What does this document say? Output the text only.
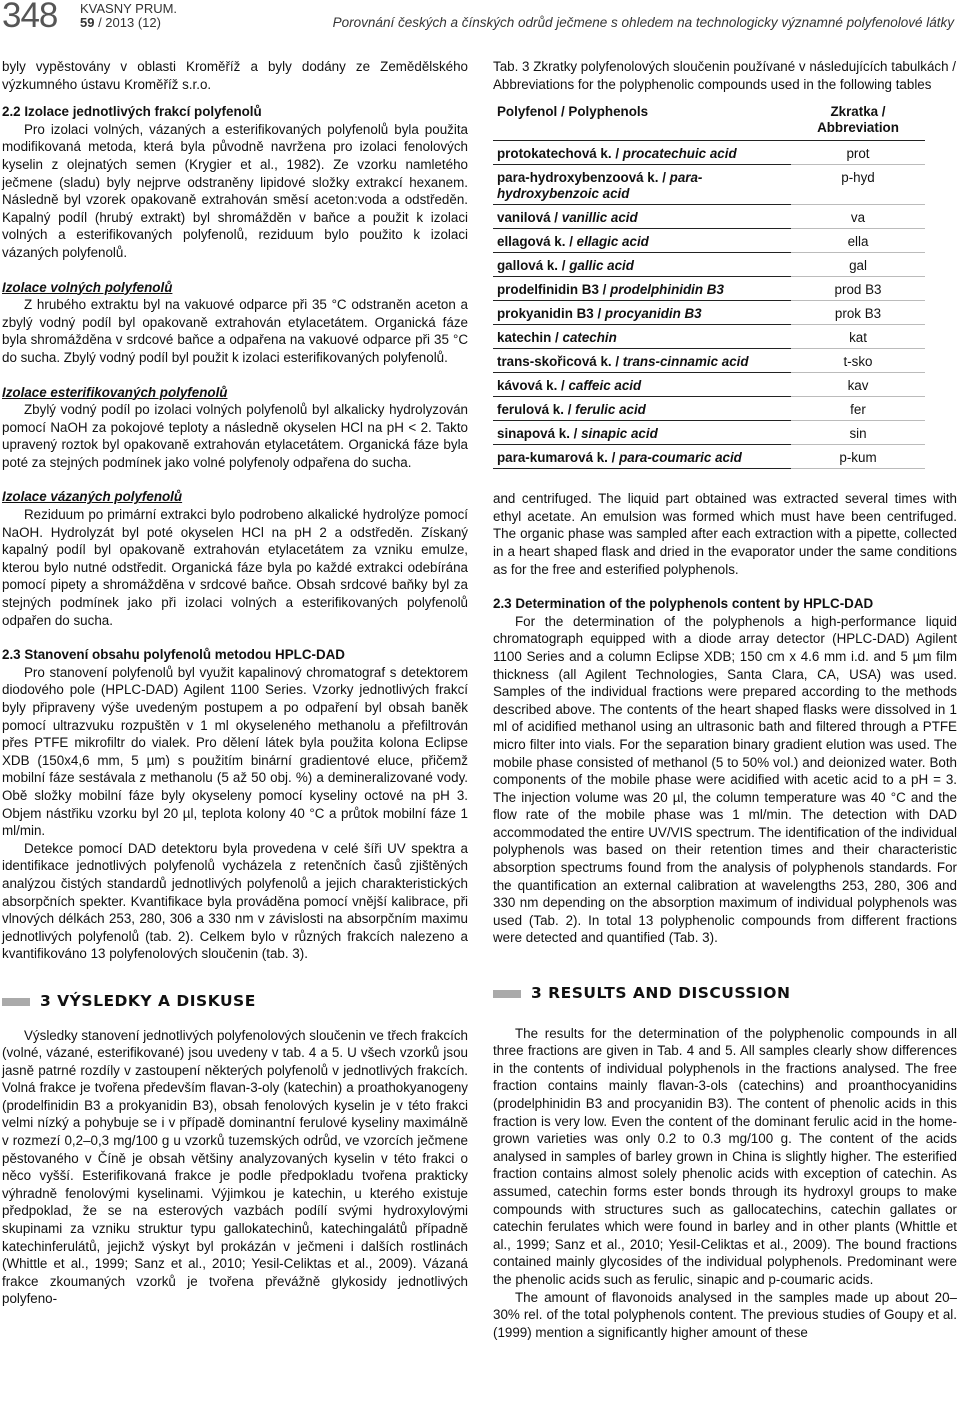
348 KVASNY PRUM.
59 / 2013 (12)	Porovnání českých a čínských odrůd ječmene s ohledem na technologicky významné polyfenolové látky

byly vypěstovány v oblasti Kroměříž a byly dodány ze Zemědělského výzkumného ústavu Kroměříž s.r.o.

2.2 Izolace jednotlivých frakcí polyfenolů

Pro izolaci volných, vázaných a esterifikovaných polyfenolů byla použita modifikovaná metoda, která byla původně navržena pro izolaci fenolových kyselin z olejnatých semen (Krygier et al., 1982). Ze vzorku namletého ječmene (sladu) byly nejprve odstraněny lipidové složky extrakcí hexanem. Následně byl vzorek opakovaně extrahován směsí aceton:voda a odstředěn. Kapalný podíl (hrubý extrakt) byl shromážděn v baňce a použit k izolaci volných a esterifikovaných polyfenolů, reziduum bylo použito k izolaci vázaných polyfenolů.

Izolace volných polyfenolů

Z hrubého extraktu byl na vakuové odparce při 35 °C odstraněn aceton a zbylý vodný podíl byl opakovaně extrahován etylacetátem. Organická fáze byla shromážděna v srdcové baňce a odpařena na vakuové odparce při 35 °C do sucha. Zbylý vodný podíl byl použit k izolaci esterifikovaných polyfenolů.

Izolace esterifikovaných polyfenolů

Zbylý vodný podíl po izolaci volných polyfenolů byl alkalicky hydrolyzován pomocí NaOH za pokojové teploty a následně okyselen HCl na pH < 2. Takto upravený roztok byl opakovaně extrahován etylacetátem. Organická fáze byla poté za stejných podmínek jako volné polyfenoly odpařena do sucha.

Izolace vázaných polyfenolů

Reziduum po primární extrakci bylo podrobeno alkalické hydrolýze pomocí NaOH. Hydrolyzát byl poté okyselen HCl na pH 2 a odstředěn. Získaný kapalný podíl byl opakovaně extrahován etylacetátem za vzniku emulze, kterou bylo nutné odstředit. Organická fáze byla po každé extrakci odebírána pomocí pipety a shromážděna v srdcové baňce. Obsah srdcové baňky byl za stejných podmínek jako při izolaci volných a esterifikovaných polyfenolů odpařen do sucha.

2.3 Stanovení obsahu polyfenolů metodou HPLC-DAD

Pro stanovení polyfenolů byl využit kapalinový chromatograf s detektorem diodového pole (HPLC-DAD) Agilent 1100 Series. Vzorky jednotlivých frakcí byly připraveny výše uvedeným postupem a po odpaření byl obsah baněk pomocí ultrazvuku rozpuštěn v 1 ml okyseleného methanolu a přefiltrován přes PTFE mikrofiltr do vialek. Pro dělení látek byla použita kolona Eclipse XDB (150x4,6 mm, 5 µm) s použitím binární gradientové eluce, přičemž mobilní fáze sestávala z methanolu (5 až 50 obj. %) a demineralizované vody. Obě složky mobilní fáze byly okyseleny pomocí kyseliny octové na pH 3. Objem nástřiku vzorku byl 20 µl, teplota kolony 40 °C a průtok mobilní fáze 1 ml/min.

Detekce pomocí DAD detektoru byla provedena v celé šíři UV spektra a identifikace jednotlivých polyfenolů vycházela z retenčních časů zjištěných analýzou čistých standardů jednotlivých polyfenolů a jejich charakteristických absorpčních spekter. Kvantifikace byla prováděna pomocí vnější kalibrace, při vlnových délkách 253, 280, 306 a 330 nm v závislosti na absorpčním maximu jednotlivých polyfenolů (tab. 2). Celkem bylo v různých frakcích nalezeno a kvantifikováno 13 polyfenolových sloučenin (tab. 3).

3 VÝSLEDKY A DISKUSE

Výsledky stanovení jednotlivých polyfenolových sloučenin ve třech frakcích (volné, vázané, esterifikované) jsou uvedeny v tab. 4 a 5. U všech vzorků jsou jasně patrné rozdíly v zastoupení některých polyfenolů v jednotlivých frakcích. Volná frakce je tvořena především flavan-3-oly (katechin) a proathokyanogeny (prodelfinidin B3 a prokyanidin B3), obsah fenolových kyselin je v této frakci velmi nízký a pohybuje se i v případě dominantní ferulové kyseliny maximálně v rozmezí 0,2–0,3 mg/100 g u vzorků tuzemských odrůd, ve vzorcích ječmene pěstovaného v Číně je obsah většiny analyzovaných kyselin v této frakci o něco vyšší. Esterifikovaná frakce je podle předpokladu tvořena prakticky výhradně fenolovými kyselinami. Výjimkou je katechin, u kterého existuje předpoklad, že se na esterových vazbách podílí svými hydroxylovými skupinami za vzniku struktur typu gallokatechinů, katechingalátů případně katechinferulátů, jejichž výskyt byl prokázán v ječmeni i dalších rostlinách (Whittle et al., 1999; Sanz et al., 2010; Yesil-Celiktas et al., 2009). Vázaná frakce zkoumaných vzorků je tvořena převážně glykosidy jednotlivých polyfeno-

Tab. 3 Zkratky polyfenolových sloučenin používané v následujících tabulkách / Abbreviations for the polyphenolic compounds used in the following tables

Polyfenol / Polyphenols	Zkratka / Abbreviation
protokatechová k. / procatechuic acid	prot
para-hydroxybenzoová k. / para-hydroxybenzoic acid	p-hyd
vanilová / vanillic acid	va
ellagová k. / ellagic acid	ella
gallová k. / gallic acid	gal
prodelfinidin B3 / prodelphinidin B3	prod B3
prokyanidin B3 / procyanidin B3	prok B3
katechin / catechin	kat
trans-skořicová k. / trans-cinnamic acid	t-sko
kávová k. / caffeic acid	kav
ferulová k. / ferulic acid	fer
sinapová k. / sinapic acid	sin
para-kumarová k. / para-coumaric acid	p-kum

and centrifuged. The liquid part obtained was extracted several times with ethyl acetate. An emulsion was formed which must have been centrifuged. The organic phase was sampled after each extraction with a pipette, collected in a heart shaped flask and dried in the evaporator under the same conditions as for the free and esterified polyphenols.

2.3 Determination of the polyphenols content by HPLC-DAD

For the determination of the polyphenols a high-performance liquid chromatograph equipped with a diode array detector (HPLC-DAD) Agilent 1100 Series and a column Eclipse XDB; 150 cm x 4.6 mm i.d. and 5 µm film thickness (all Agilent Technologies, Santa Clara, CA, USA) was used. Samples of the individual fractions were prepared according to the methods described above. The contents of the heart shaped flasks were dissolved in 1 ml of acidified methanol using an ultrasonic bath and filtered through a PTFE micro filter into vials. For the separation binary gradient elution was used. The mobile phase consisted of methanol (5 to 50% vol.) and deionized water. Both components of the mobile phase were acidified with acetic acid to a pH = 3. The injection volume was 20 µl, the column temperature was 40 °C and the flow rate of the mobile phase was 1 ml/min. The detection with DAD accommodated the entire UV/VIS spectrum. The identification of the individual polyphenols was based on their retention times and their characteristic absorption spectrums found from the analysis of polyphenols standards. For the quantification an external calibration at wavelengths 253, 280, 306 and 330 nm depending on the absorption maximum of individual polyphenols was used (Tab. 2). In total 13 polyphenolic compounds from different fractions were detected and quantified (Tab. 3).

3 RESULTS AND DISCUSSION

The results for the determination of the polyphenolic compounds in all three fractions are given in Tab. 4 and 5. All samples clearly show differences in the contents of individual polyphenols in the fractions analysed. The free fraction contains mainly flavan-3-ols (catechins) and proanthocyanidins (prodelphinidin B3 and procyanidin B3). The content of phenolic acids in this fraction is very low. Even the content of the dominant ferulic acid in the home-grown varieties was only 0.2 to 0.3 mg/100 g. The content of the acids analysed in samples of barley grown in China is slightly higher. The esterified fraction contains almost solely phenolic acids with exception of catechin. As assumed, catechin forms ester bonds through its hydroxyl groups to make compounds with structures such as gallocatechins, catechin gallates or catechin ferulates which were found in barley and in other plants (Whittle et al., 1999; Sanz et al., 2010; Yesil-Celiktas et al., 2009). The bound fractions contained mainly glycosides of the individual polyphenols. Predominant were the phenolic acids such as ferulic, sinapic and p-coumaric acids.

The amount of flavonoids analysed in the samples made up about 20–30% rel. of the total polyphenols content. The previous studies of Goupy et al. (1999) mention a significantly higher amount of these
